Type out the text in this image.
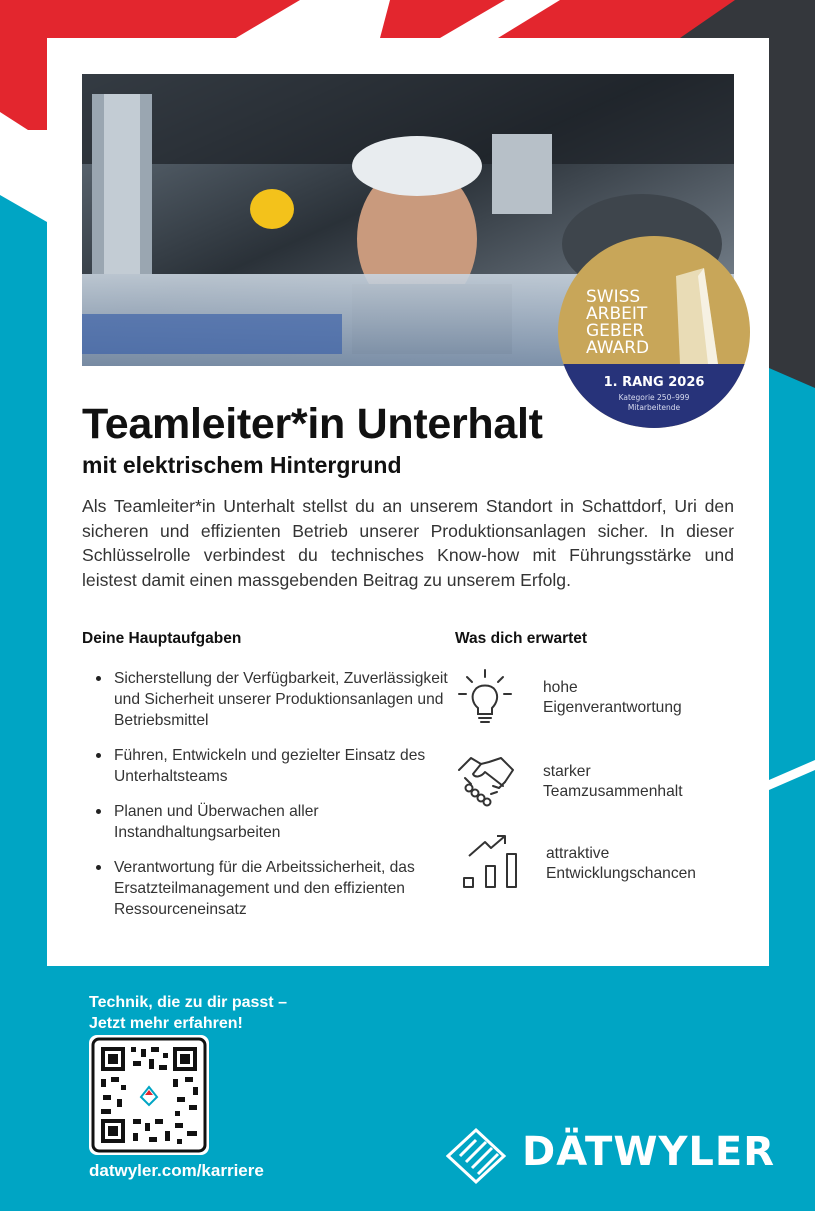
SWISS
ARBEIT
GEBER
AWARD
1. RANG 2026
Kategorie 250–999
Mitarbeitende
Teamleiter*in Unterhalt
mit elektrischem Hintergrund

Als Teamleiter*in Unterhalt stellst du an unserem Standort in Schattdorf, Uri den sicheren und effizienten Betrieb unserer Produktionsanlagen sicher. In dieser Schlüsselrolle verbindest du technisches Know-how mit Führungsstärke und leistest damit einen massgebenden Beitrag zu unserem Erfolg.

Deine Hauptaufgaben
Sicherstellung der Verfügbarkeit, Zuverlässigkeit und Sicherheit unserer Produktionsanlagen und Betriebsmittel
Führen, Entwickeln und gezielter Einsatz des Unterhaltsteams
Planen und Überwachen aller Instandhaltungsarbeiten
Verantwortung für die Arbeitssicherheit, das Ersatzteilmanagement und den effizienten Ressourceneinsatz
Was dich erwartet
hohe
Eigenverantwortung
starker
Teamzusammenhalt
attraktive
Entwicklungschancen

Technik, die zu dir passt –
Jetzt mehr erfahren!

datwyler.com/karriere	DÄTWYLER
